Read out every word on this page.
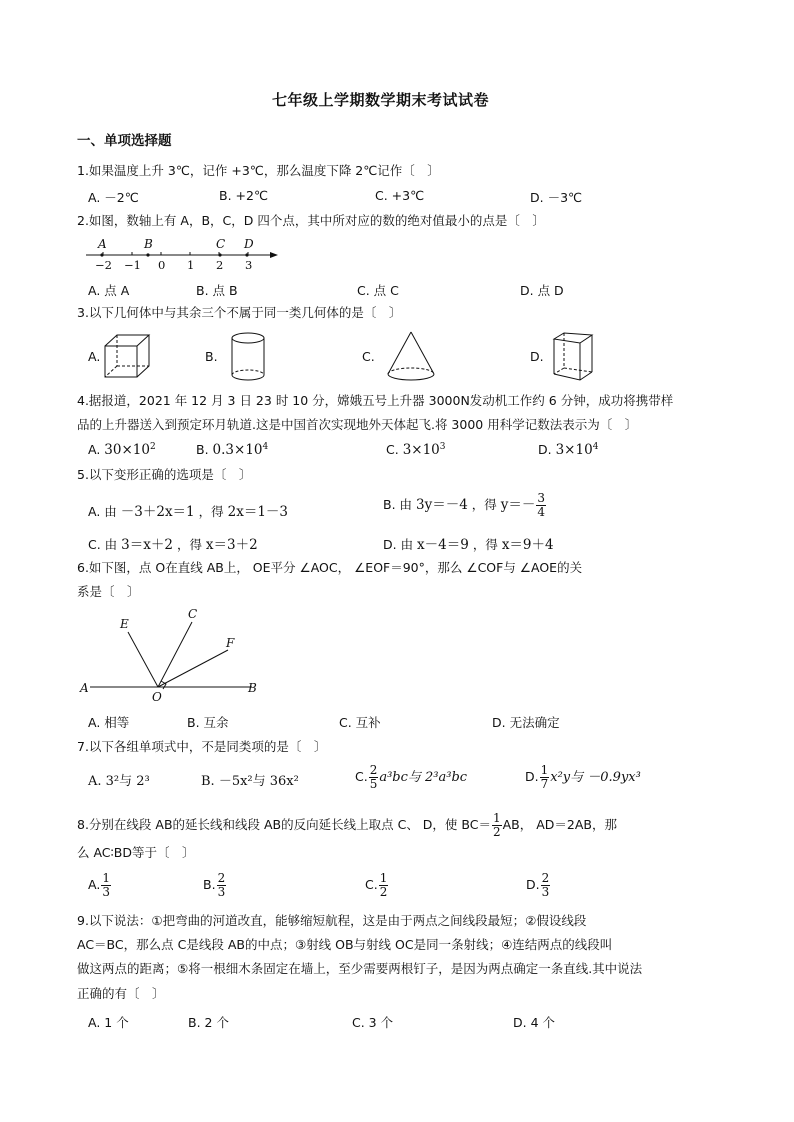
七年级上学期数学期末考试试卷
一、单项选择题
1.如果温度上升 3℃，记作 +3℃，那么温度下降 2℃记作〔　〕
A. －2℃	B. +2℃	C. +3℃	D. －3℃
2.如图，数轴上有 A，B，C，D 四个点，其中所对应的数的绝对值最小的点是〔　〕
A	B	C D
−2 −1 0 1 2 3
A. 点 A	B. 点 B	C. 点 C	D. 点 D
3.以下几何体中与其余三个不属于同一类几何体的是〔　〕
A.	B.	C.	D.
4.据报道，2021 年 12 月 3 日 23 时 10 分，嫦娥五号上升器 3000N发动机工作约 6 分钟，成功将携带样
品的上升器送入到预定环月轨道.这是中国首次实现地外天体起飞.将 3000 用科学记数法表示为〔　〕
A. $30\times 10^2$	B. $0.3\times 10^4$	C. $3\times 10^3$	D. $3\times 10^4$
5.以下变形正确的选项是〔　〕
A. 由 －3＋2x＝1 ，得 2x＝1－3	B. 由 3y＝－4 ，得 $y=- \frac{3}{4}$
C. 由 3＝x＋2 ，得 x＝3＋2	D. 由 x－4＝9 ，得 x＝9＋4
6.如下图，点 O在直线 AB上， OE平分 ∠AOC， ∠EOF＝90°，那么 ∠COF与 ∠AOE的关
系是〔　〕
E
C
F
A
O
B
A. 相等	B. 互余	C. 互补	D. 无法确定
7.以下各组单项式中，不是同类项的是〔　〕
A. 3²与 2³	B. －5x²与 36x²	C. $\frac{2}{5} a^3bc$与 2³a³bc	D. $\frac{1}{7} x^2y$与 －0.9yx³
8.分别在线段 AB的延长线和线段 AB的反向延长线上取点 C、 D，使 $BC= \frac{1}{2}$ AB， AD＝2AB，那
么 AC∶BD等于〔　〕
A. $\frac{1}{3}$	B. $\frac{2}{3}$	C. $\frac{1}{2}$	D. $\frac{2}{3}$
9.以下说法：①把弯曲的河道改直，能够缩短航程，这是由于两点之间线段最短；②假设线段
AC＝BC，那么点 C是线段 AB的中点；③射线 OB与射线 OC是同一条射线；④连结两点的线段叫
做这两点的距离；⑤将一根细木条固定在墙上，至少需要两根钉子，是因为两点确定一条直线.其中说法
正确的有〔　〕
A. 1 个	B. 2 个	C. 3 个	D. 4 个
